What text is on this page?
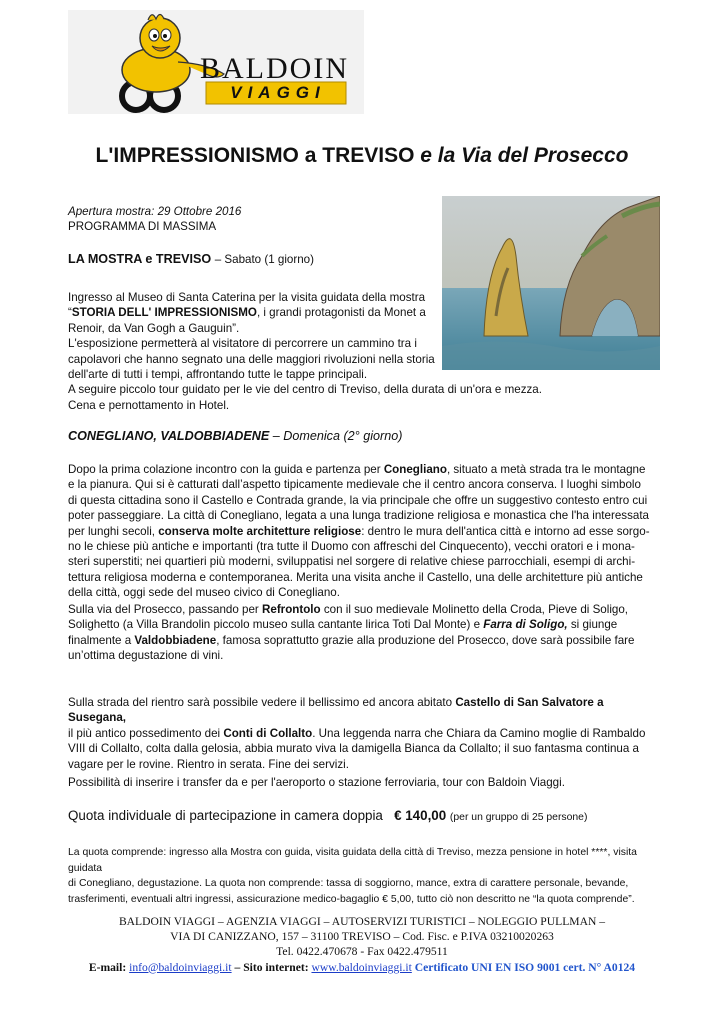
BALDOIN
VIAGGI
L'IMPRESSIONISMO a TREVISO e la Via del Prosecco
Apertura mostra: 29 Ottobre 2016
PROGRAMMA DI MASSIMA
LA MOSTRA e TREVISO – Sabato (1 giorno)
Ingresso al Museo di Santa Caterina per la visita guidata della mostra
“STORIA DELL' IMPRESSIONISMO, i grandi protagonisti da Monet a
Renoir, da Van Gogh a Gauguin”.
L'esposizione permetterà al visitatore di percorrere un cammino tra i
capolavori che hanno segnato una delle maggiori rivoluzioni nella storia
dell'arte di tutti i tempi, affrontando tutte le tappe principali.
A seguire piccolo tour guidato per le vie del centro di Treviso, della durata di un'ora e mezza.
Cena e pernottamento in Hotel.
CONEGLIANO, VALDOBBIADENE – Domenica (2° giorno)
Dopo la prima colazione incontro con la guida e partenza per Conegliano, situato a metà strada tra le montagne
e la pianura. Qui si è catturati dall’aspetto tipicamente medievale che il centro ancora conserva. I luoghi simbolo
di questa cittadina sono il Castello e Contrada grande, la via principale che offre un suggestivo contesto entro cui
poter passeggiare. La città di Conegliano, legata a una lunga tradizione religiosa e monastica che l'ha interessata
per lunghi secoli, conserva molte architetture religiose: dentro le mura dell'antica città e intorno ad esse sorgo-
no le chiese più antiche e importanti (tra tutte il Duomo con affreschi del Cinquecento), vecchi oratori e i mona-
steri superstiti; nei quartieri più moderni, sviluppatisi nel sorgere di relative chiese parrocchiali, esempi di archi-
tettura religiosa moderna e contemporanea. Merita una visita anche il Castello, una delle architetture più antiche
della città, oggi sede del museo civico di Conegliano.
Sulla via del Prosecco, passando per Refrontolo con il suo medievale Molinetto della Croda, Pieve di Soligo,
Solighetto (a Villa Brandolin piccolo museo sulla cantante lirica Toti Dal Monte) e Farra di Soligo, si giunge
finalmente a Valdobbiadene, famosa soprattutto grazie alla produzione del Prosecco, dove sarà possibile fare
un’ottima degustazione di vini.
Sulla strada del rientro sarà possibile vedere il bellissimo ed ancora abitato Castello di San Salvatore a Susegana,
il più antico possedimento dei Conti di Collalto. Una leggenda narra che Chiara da Camino moglie di Rambaldo
VIII di Collalto, colta dalla gelosia, abbia murato viva la damigella Bianca da Collalto; il suo fantasma continua a
vagare per le rovine. Rientro in serata. Fine dei servizi.
Possibilità di inserire i transfer da e per l'aeroporto o stazione ferroviaria, tour con Baldoin Viaggi.
Quota individuale di partecipazione in camera doppia € 140,00 (per un gruppo di 25 persone)
La quota comprende: ingresso alla Mostra con guida, visita guidata della città di Treviso, mezza pensione in hotel ****, visita guidata
di Conegliano, degustazione. La quota non comprende: tassa di soggiorno, mance, extra di carattere personale, bevande,
trasferimenti, eventuali altri ingressi, assicurazione medico-bagaglio € 5,00, tutto ciò non descritto ne “la quota comprende”.
BALDOIN VIAGGI – AGENZIA VIAGGI – AUTOSERVIZI TURISTICI – NOLEGGIO PULLMAN –
VIA DI CANIZZANO, 157 – 31100 TREVISO – Cod. Fisc. e P.IVA 03210020263
Tel. 0422.470678 - Fax 0422.479511
E-mail: info@baldoinviaggi.it – Sito internet: www.baldoinviaggi.it Certificato UNI EN ISO 9001 cert. N° A0124
